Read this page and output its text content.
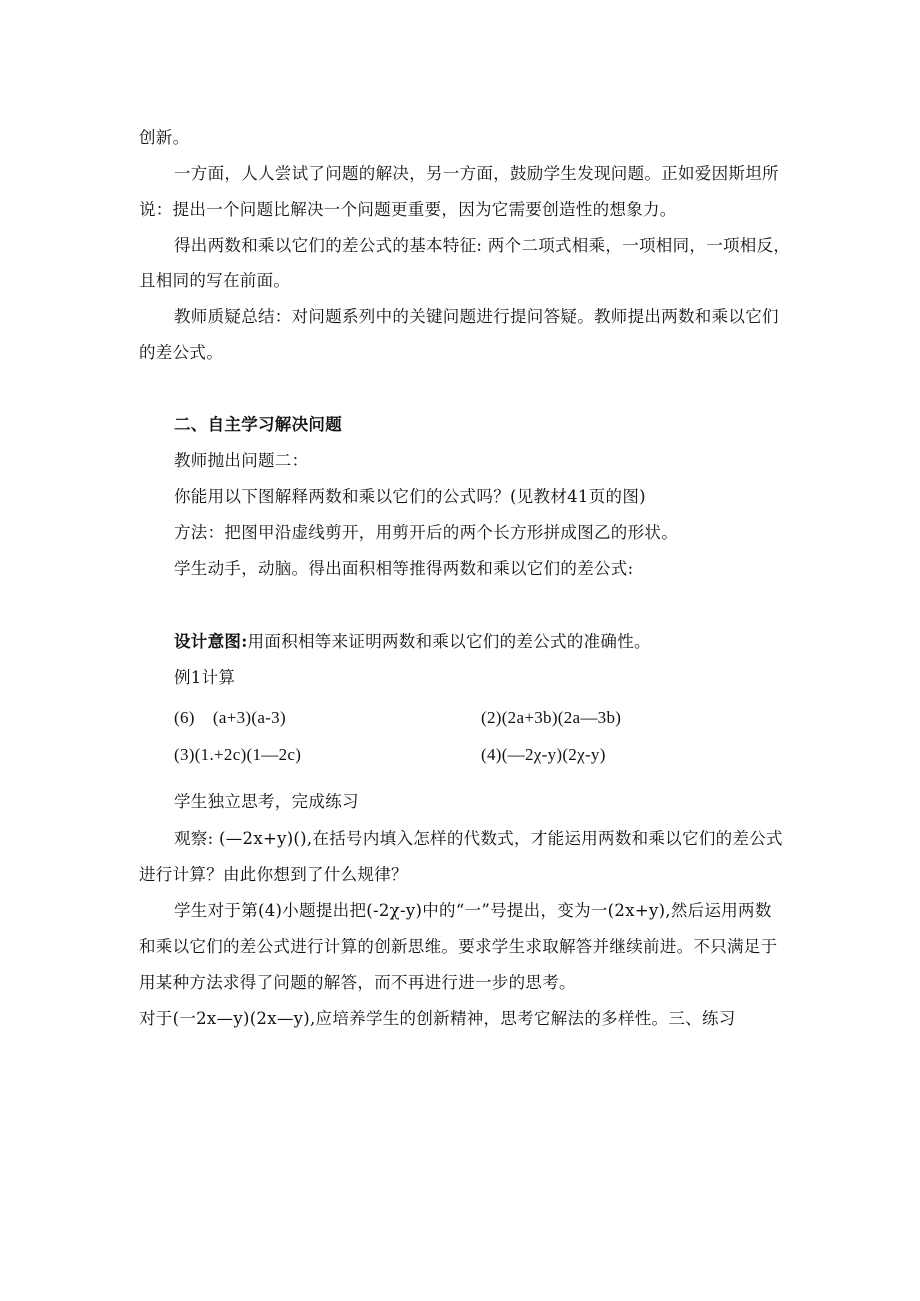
创新。
一方面，人人尝试了问题的解决，另一方面，鼓励学生发现问题。正如爱因斯坦所
说：提出一个问题比解决一个问题更重要，因为它需要创造性的想象力。
得出两数和乘以它们的差公式的基本特征: 两个二项式相乘，一项相同，一项相反，
且相同的写在前面。
教师质疑总结：对问题系列中的关键问题进行提问答疑。教师提出两数和乘以它们
的差公式。
二、自主学习解决问题
教师抛出问题二：
你能用以下图解释两数和乘以它们的公式吗？(见教材41页的图)
方法：把图甲沿虚线剪开，用剪开后的两个长方形拼成图乙的形状。
学生动手，动脑。得出面积相等推得两数和乘以它们的差公式:
设计意图:用面积相等来证明两数和乘以它们的差公式的准确性。
例1计算
(6)    (a+3)(a-3)	(2)(2a+3b)(2a—3b)
(3)(1.+2c)(1—2c)	(4)(—2χ-y)(2χ-y)
学生独立思考，完成练习
观察: (—2x+y)(),在括号内填入怎样的代数式，才能运用两数和乘以它们的差公式
进行计算？由此你想到了什么规律？
学生对于第(4)小题提出把(-2χ-y)中的“一”号提出，变为一(2x+y),然后运用两数
和乘以它们的差公式进行计算的创新思维。要求学生求取解答并继续前进。不只满足于
用某种方法求得了问题的解答，而不再进行进一步的思考。
对于(一2x—y)(2x—y),应培养学生的创新精神，思考它解法的多样性。三、练习
